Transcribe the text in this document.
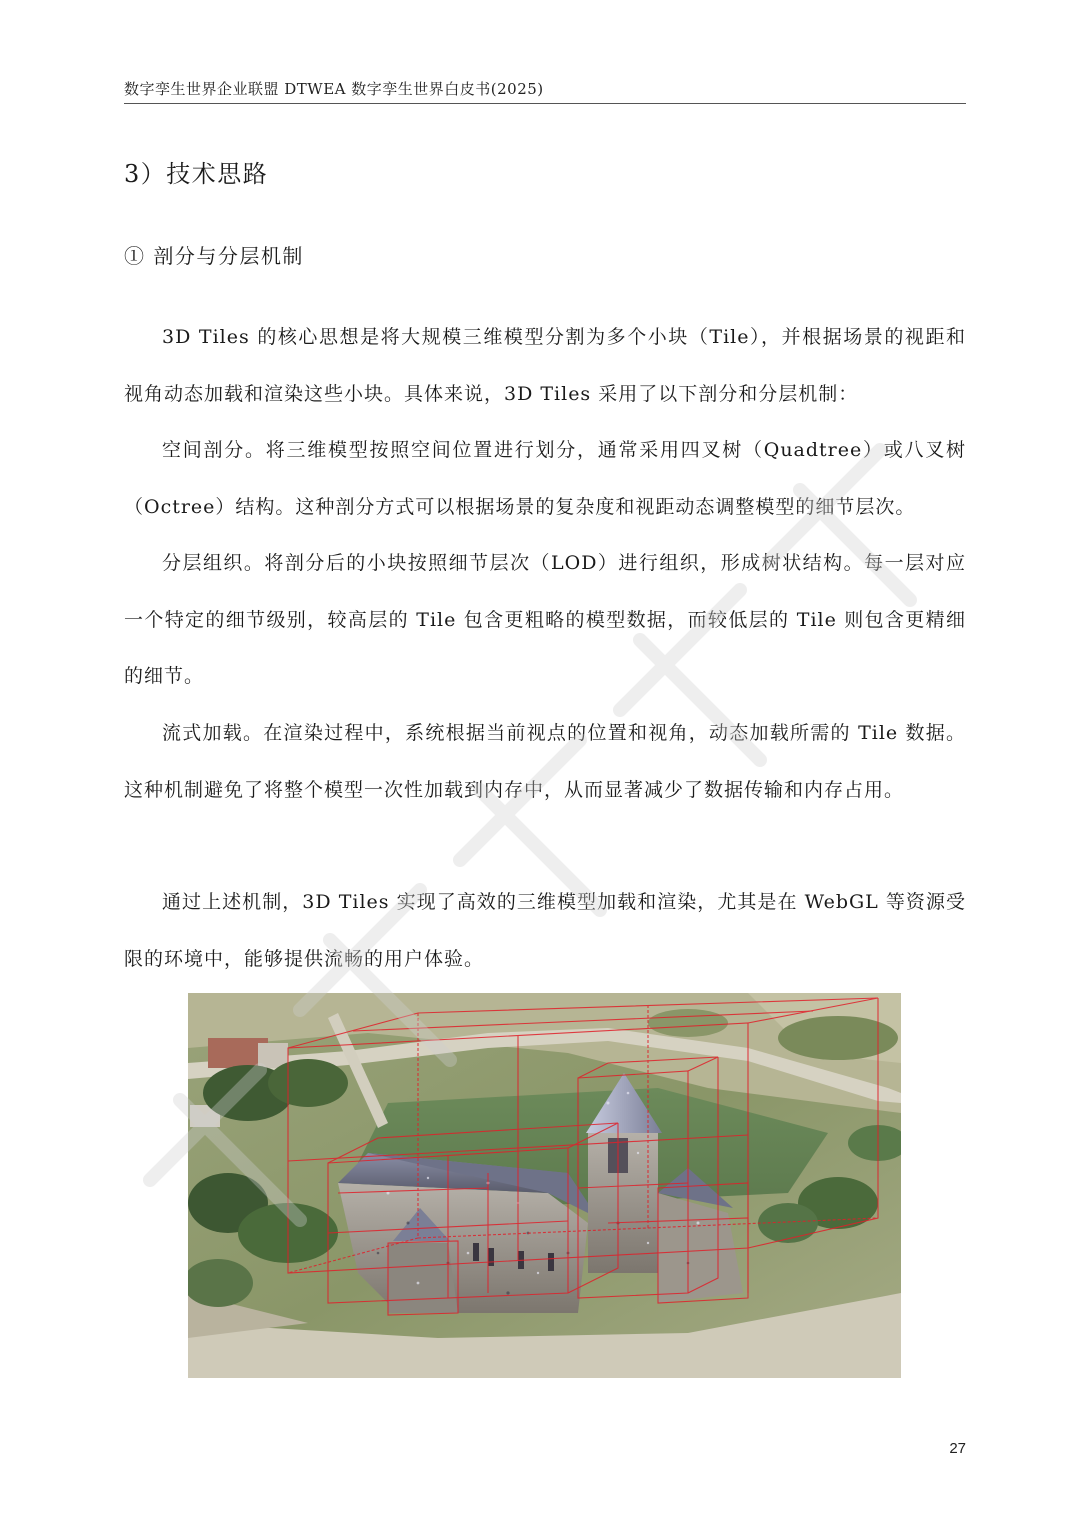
数字孪生世界企业联盟 DTWEA 数字孪生世界白皮书(2025)
3）技术思路
① 剖分与分层机制
3D Tiles 的核心思想是将大规模三维模型分割为多个小块（Tile），并根据场景的视距和视角动态加载和渲染这些小块。具体来说，3D Tiles 采用了以下剖分和分层机制：
空间剖分。将三维模型按照空间位置进行划分，通常采用四叉树（Quadtree）或八叉树（Octree）结构。这种剖分方式可以根据场景的复杂度和视距动态调整模型的细节层次。
分层组织。将剖分后的小块按照细节层次（LOD）进行组织，形成树状结构。每一层对应一个特定的细节级别，较高层的 Tile 包含更粗略的模型数据，而较低层的 Tile 则包含更精细的细节。
流式加载。在渲染过程中，系统根据当前视点的位置和视角，动态加载所需的 Tile 数据。这种机制避免了将整个模型一次性加载到内存中，从而显著减少了数据传输和内存占用。
通过上述机制，3D Tiles 实现了高效的三维模型加载和渲染，尤其是在 WebGL 等资源受限的环境中，能够提供流畅的用户体验。
27
